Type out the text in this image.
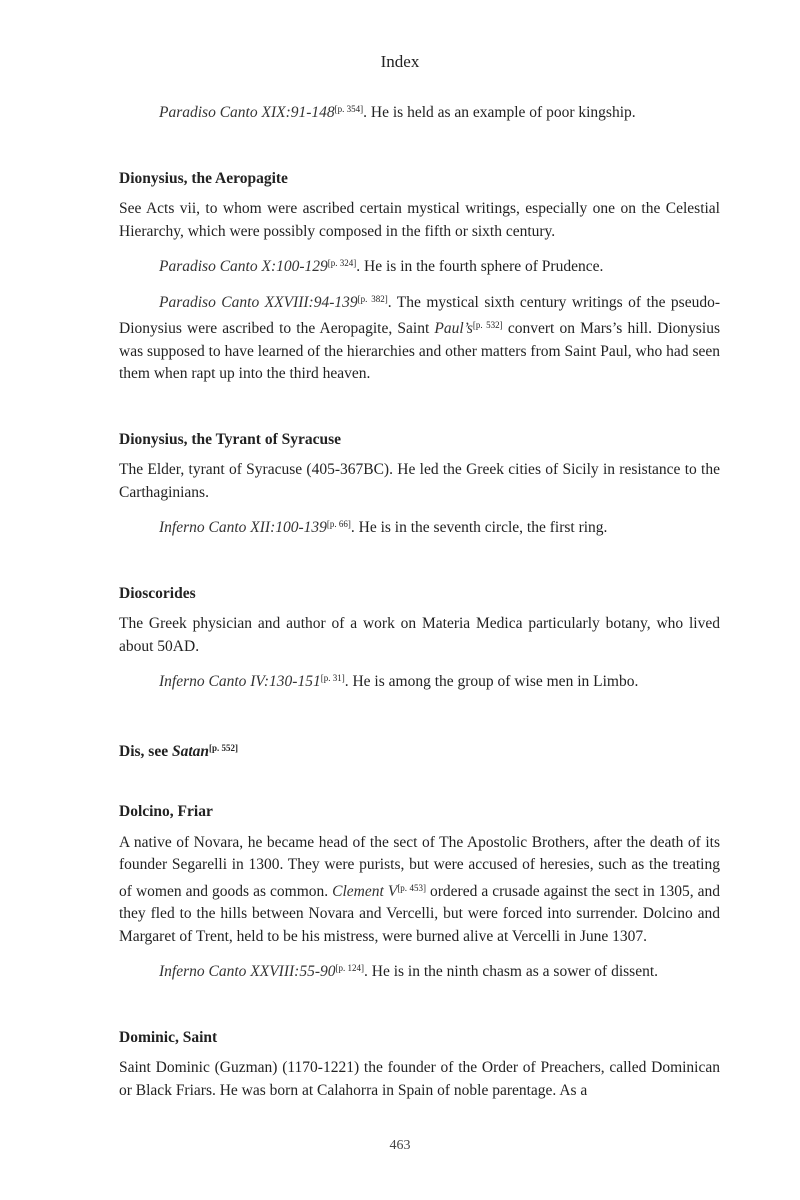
Index

Paradiso Canto XIX:91-148[p. 354]. He is held as an example of poor kingship.

Dionysius, the Aeropagite

See Acts vii, to whom were ascribed certain mystical writings, especially one on the Celestial Hierarchy, which were possibly composed in the fifth or sixth century.

Paradiso Canto X:100-129[p. 324]. He is in the fourth sphere of Prudence.

Paradiso Canto XXVIII:94-139[p. 382]. The mystical sixth century writings of the pseudo-Dionysius were ascribed to the Aeropagite, Saint Paul’s[p. 532] convert on Mars’s hill. Dionysius was supposed to have learned of the hierarchies and other matters from Saint Paul, who had seen them when rapt up into the third heaven.

Dionysius, the Tyrant of Syracuse

The Elder, tyrant of Syracuse (405-367BC). He led the Greek cities of Sicily in resistance to the Carthaginians.

Inferno Canto XII:100-139[p. 66]. He is in the seventh circle, the first ring.

Dioscorides

The Greek physician and author of a work on Materia Medica particularly botany, who lived about 50AD.

Inferno Canto IV:130-151[p. 31]. He is among the group of wise men in Limbo.

Dis, see Satan[p. 552]
Dolcino, Friar

A native of Novara, he became head of the sect of The Apostolic Brothers, after the death of its founder Segarelli in 1300. They were purists, but were accused of heresies, such as the treating of women and goods as common. Clement V[p. 453] ordered a crusade against the sect in 1305, and they fled to the hills between Novara and Vercelli, but were forced into surrender. Dolcino and Margaret of Trent, held to be his mistress, were burned alive at Vercelli in June 1307.

Inferno Canto XXVIII:55-90[p. 124]. He is in the ninth chasm as a sower of dissent.

Dominic, Saint

Saint Dominic (Guzman) (1170-1221) the founder of the Order of Preachers, called Dominican or Black Friars. He was born at Calahorra in Spain of noble parentage. As a

463
